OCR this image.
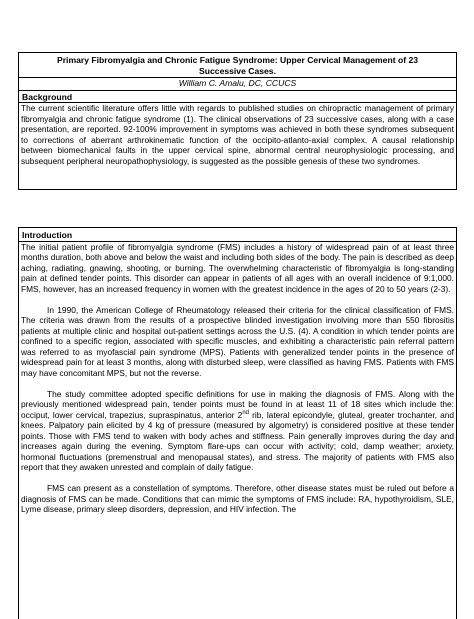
Primary Fibromyalgia and Chronic Fatigue Syndrome: Upper Cervical Management of 23
Successive Cases.
William C. Amalu, DC, CCUCS
Background
The current scientific literature offers little with regards to published studies on chiropractic management of primary fibromyalgia and chronic fatigue syndrome (1). The clinical observations of 23 successive cases, along with a case presentation, are reported. 92-100% improvement in symptoms was achieved in both these syndromes subsequent to corrections of aberrant arthrokinematic function of the occipito-atlanto-axial complex. A causal relationship between biomechanical faults in the upper cervical spine, abnormal central neurophysiologic processing, and subsequent peripheral neuropathophysiology, is suggested as the possible genesis of these two syndromes.
Introduction
The initial patient profile of fibromyalgia syndrome (FMS) includes a history of widespread pain of at least three months duration, both above and below the waist and including both sides of the body. The pain is described as deep aching, radiating, gnawing, shooting, or burning. The overwhelming characteristic of fibromyalgia is long-standing pain at defined tender points. This disorder can appear in patients of all ages with an overall incidence of 9:1,000. FMS, however, has an increased frequency in women with the greatest incidence in the ages of 20 to 50 years (2-3).
In 1990, the American College of Rheumatology released their criteria for the clinical classification of FMS. The criteria was drawn from the results of a prospective blinded investigation involving more than 550 fibrositis patients at multiple clinic and hospital out-patient settings across the U.S. (4). A condition in which tender points are confined to a specific region, associated with specific muscles, and exhibiting a characteristic pain referral pattern was referred to as myofascial pain syndrome (MPS). Patients with generalized tender points in the presence of widespread pain for at least 3 months, along with disturbed sleep, were classified as having FMS. Patients with FMS may have concomitant MPS, but not the reverse.
The study committee adopted specific definitions for use in making the diagnosis of FMS. Along with the previously mentioned widespread pain, tender points must be found in at least 11 of 18 sites which include the: occiput, lower cervical, trapezius, supraspinatus, anterior 2nd rib, lateral epicondyle, gluteal, greater trochanter, and knees. Palpatory pain elicited by 4 kg of pressure (measured by algometry) is considered positive at these tender points. Those with FMS tend to waken with body aches and stiffness. Pain generally improves during the day and increases again during the evening. Symptom flare-ups can occur with activity; cold, damp weather; anxiety, hormonal fluctuations (premenstrual and menopausal states), and stress. The majority of patients with FMS also report that they awaken unrested and complain of daily fatigue.
FMS can present as a constellation of symptoms. Therefore, other disease states must be ruled out before a diagnosis of FMS can be made. Conditions that can mimic the symptoms of FMS include: RA, hypothyroidism, SLE, Lyme disease, primary sleep disorders, depression, and HIV infection. The
